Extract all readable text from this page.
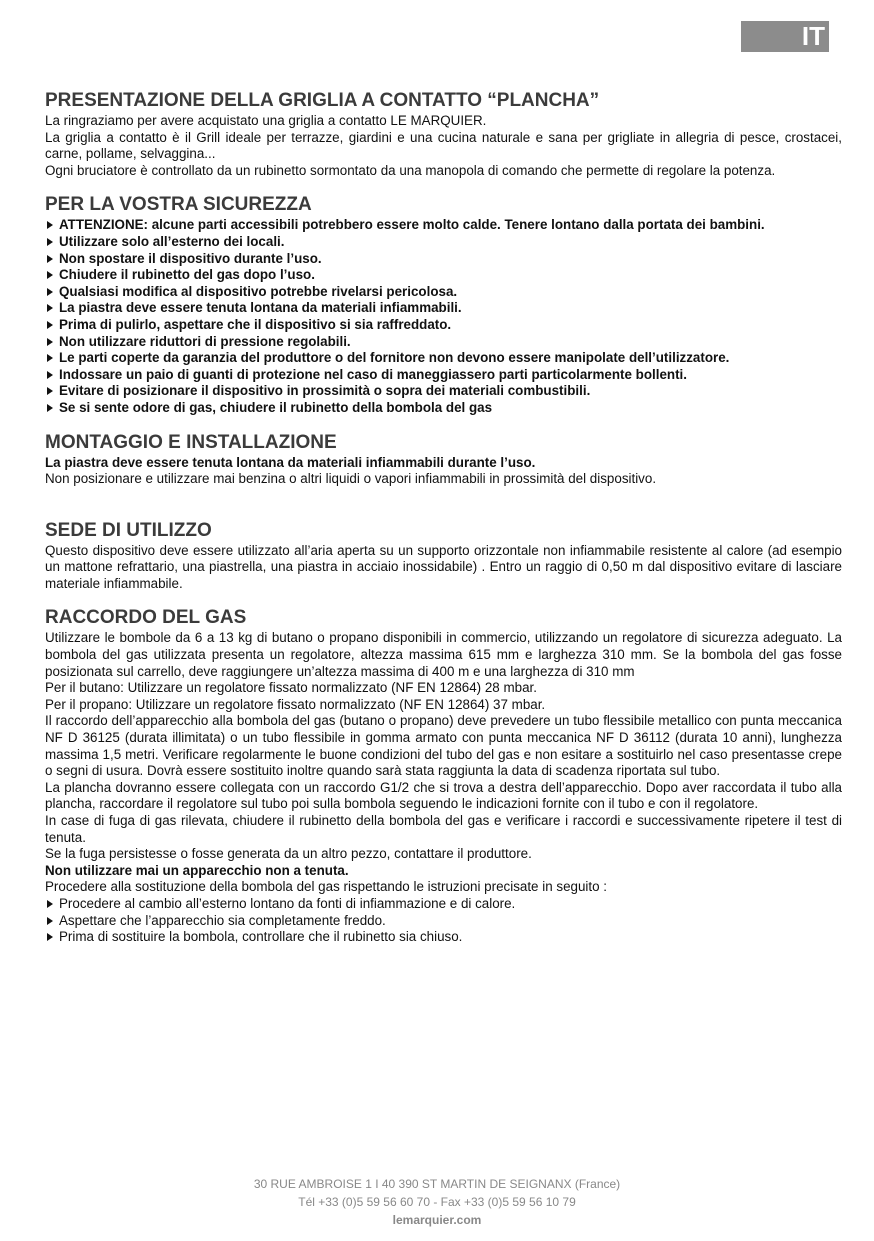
IT
PRESENTAZIONE DELLA GRIGLIA A CONTATTO “PLANCHA”

La ringraziamo per avere acquistato una griglia a contatto LE MARQUIER.

La griglia a contatto è il Grill ideale per terrazze, giardini e una cucina naturale e sana per grigliate in allegria di pesce, crostacei, carne, pollame, selvaggina...

Ogni bruciatore è controllato da un rubinetto sormontato da una manopola di comando che permette di regolare la potenza.

PER LA VOSTRA SICUREZZA
ATTENZIONE: alcune parti accessibili potrebbero essere molto calde. Tenere lontano dalla portata dei bambini.
Utilizzare solo all’esterno dei locali.
Non spostare il dispositivo durante l’uso.
Chiudere il rubinetto del gas dopo l’uso.
Qualsiasi modifica al dispositivo potrebbe rivelarsi pericolosa.
La piastra deve essere tenuta lontana da materiali infiammabili.
Prima di pulirlo, aspettare che il dispositivo si sia raffreddato.
Non utilizzare riduttori di pressione regolabili.
Le parti coperte da garanzia del produttore o del fornitore non devono essere manipolate dell’utilizzatore.
Indossare un paio di guanti di protezione nel caso di maneggiassero parti particolarmente bollenti.
Evitare di posizionare il dispositivo in prossimità o sopra dei materiali combustibili.
Se si sente odore di gas, chiudere il rubinetto della bombola del gas
MONTAGGIO E INSTALLAZIONE

La piastra deve essere tenuta lontana da materiali infiammabili durante l’uso.

Non posizionare e utilizzare mai benzina o altri liquidi o vapori infiammabili in prossimità del dispositivo.

SEDE DI UTILIZZO

Questo dispositivo deve essere utilizzato all’aria aperta su un supporto orizzontale non infiammabile resistente al calore (ad esempio un mattone refrattario, una piastrella, una piastra in acciaio inossidabile) . Entro un raggio di 0,50 m dal dispositivo evitare di lasciare materiale infiammabile.

RACCORDO DEL GAS

Utilizzare le bombole da 6 a 13 kg di butano o propano disponibili in commercio, utilizzando un regolatore di sicurezza adeguato. La bombola del gas utilizzata presenta un regolatore, altezza massima 615 mm e larghezza 310 mm. Se la bombola del gas fosse posizionata sul carrello, deve raggiungere un’altezza massima di 400 m e una larghezza di 310 mm

Per il butano: Utilizzare un regolatore fissato normalizzato (NF EN 12864) 28 mbar.

Per il propano: Utilizzare un regolatore fissato normalizzato (NF EN 12864) 37 mbar.

Il raccordo dell’apparecchio alla bombola del gas (butano o propano) deve prevedere un tubo flessibile metallico con punta meccanica NF D 36125 (durata illimitata) o un tubo flessibile in gomma armato con punta meccanica NF D 36112 (durata 10 anni), lunghezza massima 1,5 metri. Verificare regolarmente le buone condizioni del tubo del gas e non esitare a sostituirlo nel caso presentasse crepe o segni di usura. Dovrà essere sostituito inoltre quando sarà stata raggiunta la data di scadenza riportata sul tubo.

La plancha dovranno essere collegata con un raccordo G1/2 che si trova a destra dell’apparecchio. Dopo aver raccordata il tubo alla plancha, raccordare il regolatore sul tubo poi sulla bombola seguendo le indicazioni fornite con il tubo e con il regolatore.

In case di fuga di gas rilevata, chiudere il rubinetto della bombola del gas e verificare i raccordi e successivamente ripetere il test di tenuta.

Se la fuga persistesse o fosse generata da un altro pezzo, contattare il produttore.

Non utilizzare mai un apparecchio non a tenuta.

Procedere alla sostituzione della bombola del gas rispettando le istruzioni precisate in seguito :

Procedere al cambio all’esterno lontano da fonti di infiammazione e di calore.
Aspettare che l’apparecchio sia completamente freddo.
Prima di sostituire la bombola, controllare che il rubinetto sia chiuso.
30 RUE AMBROISE 1 I 40 390 ST MARTIN DE SEIGNANX (France)
Tél +33 (0)5 59 56 60 70 - Fax +33 (0)5 59 56 10 79
lemarquier.com
